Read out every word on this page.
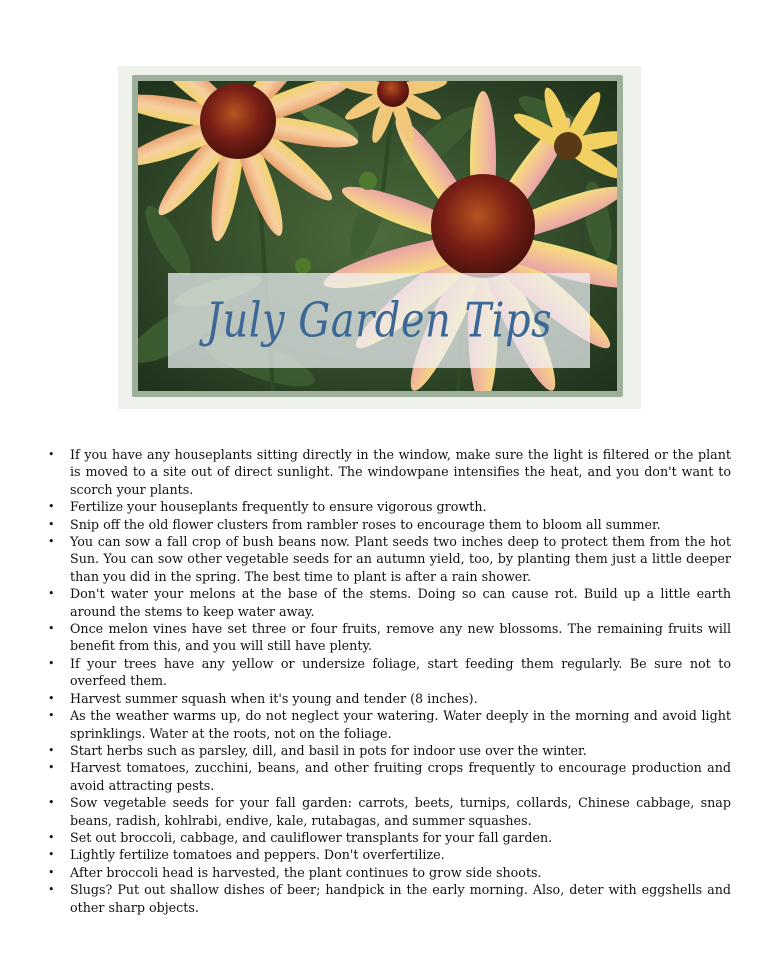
July Garden Tips
• If you have any houseplants sitting directly in the window, make sure the light is filtered or the plant is moved to a site out of direct sunlight. The windowpane intensifies the heat, and you don't want to scorch your plants.
• Fertilize your houseplants frequently to ensure vigorous growth.
• Snip off the old flower clusters from rambler roses to encourage them to bloom all summer.
• You can sow a fall crop of bush beans now. Plant seeds two inches deep to protect them from the hot Sun. You can sow other vegetable seeds for an autumn yield, too, by planting them just a little deeper than you did in the spring. The best time to plant is after a rain shower.
• Don't water your melons at the base of the stems. Doing so can cause rot. Build up a little earth around the stems to keep water away.
• Once melon vines have set three or four fruits, remove any new blossoms. The remaining fruits will benefit from this, and you will still have plenty.
• If your trees have any yellow or undersize foliage, start feeding them regularly. Be sure not to overfeed them.
• Harvest summer squash when it's young and tender (8 inches).
• As the weather warms up, do not neglect your watering. Water deeply in the morning and avoid light sprinklings. Water at the roots, not on the foliage.
• Start herbs such as parsley, dill, and basil in pots for indoor use over the winter.
• Harvest tomatoes, zucchini, beans, and other fruiting crops frequently to encourage production and avoid attracting pests.
• Sow vegetable seeds for your fall garden: carrots, beets, turnips, collards, Chinese cabbage, snap beans, radish, kohlrabi, endive, kale, rutabagas, and summer squashes.
• Set out broccoli, cabbage, and cauliflower transplants for your fall garden.
• Lightly fertilize tomatoes and peppers. Don't overfertilize.
• After broccoli head is harvested, the plant continues to grow side shoots.
• Slugs? Put out shallow dishes of beer; handpick in the early morning. Also, deter with eggshells and other sharp objects.
